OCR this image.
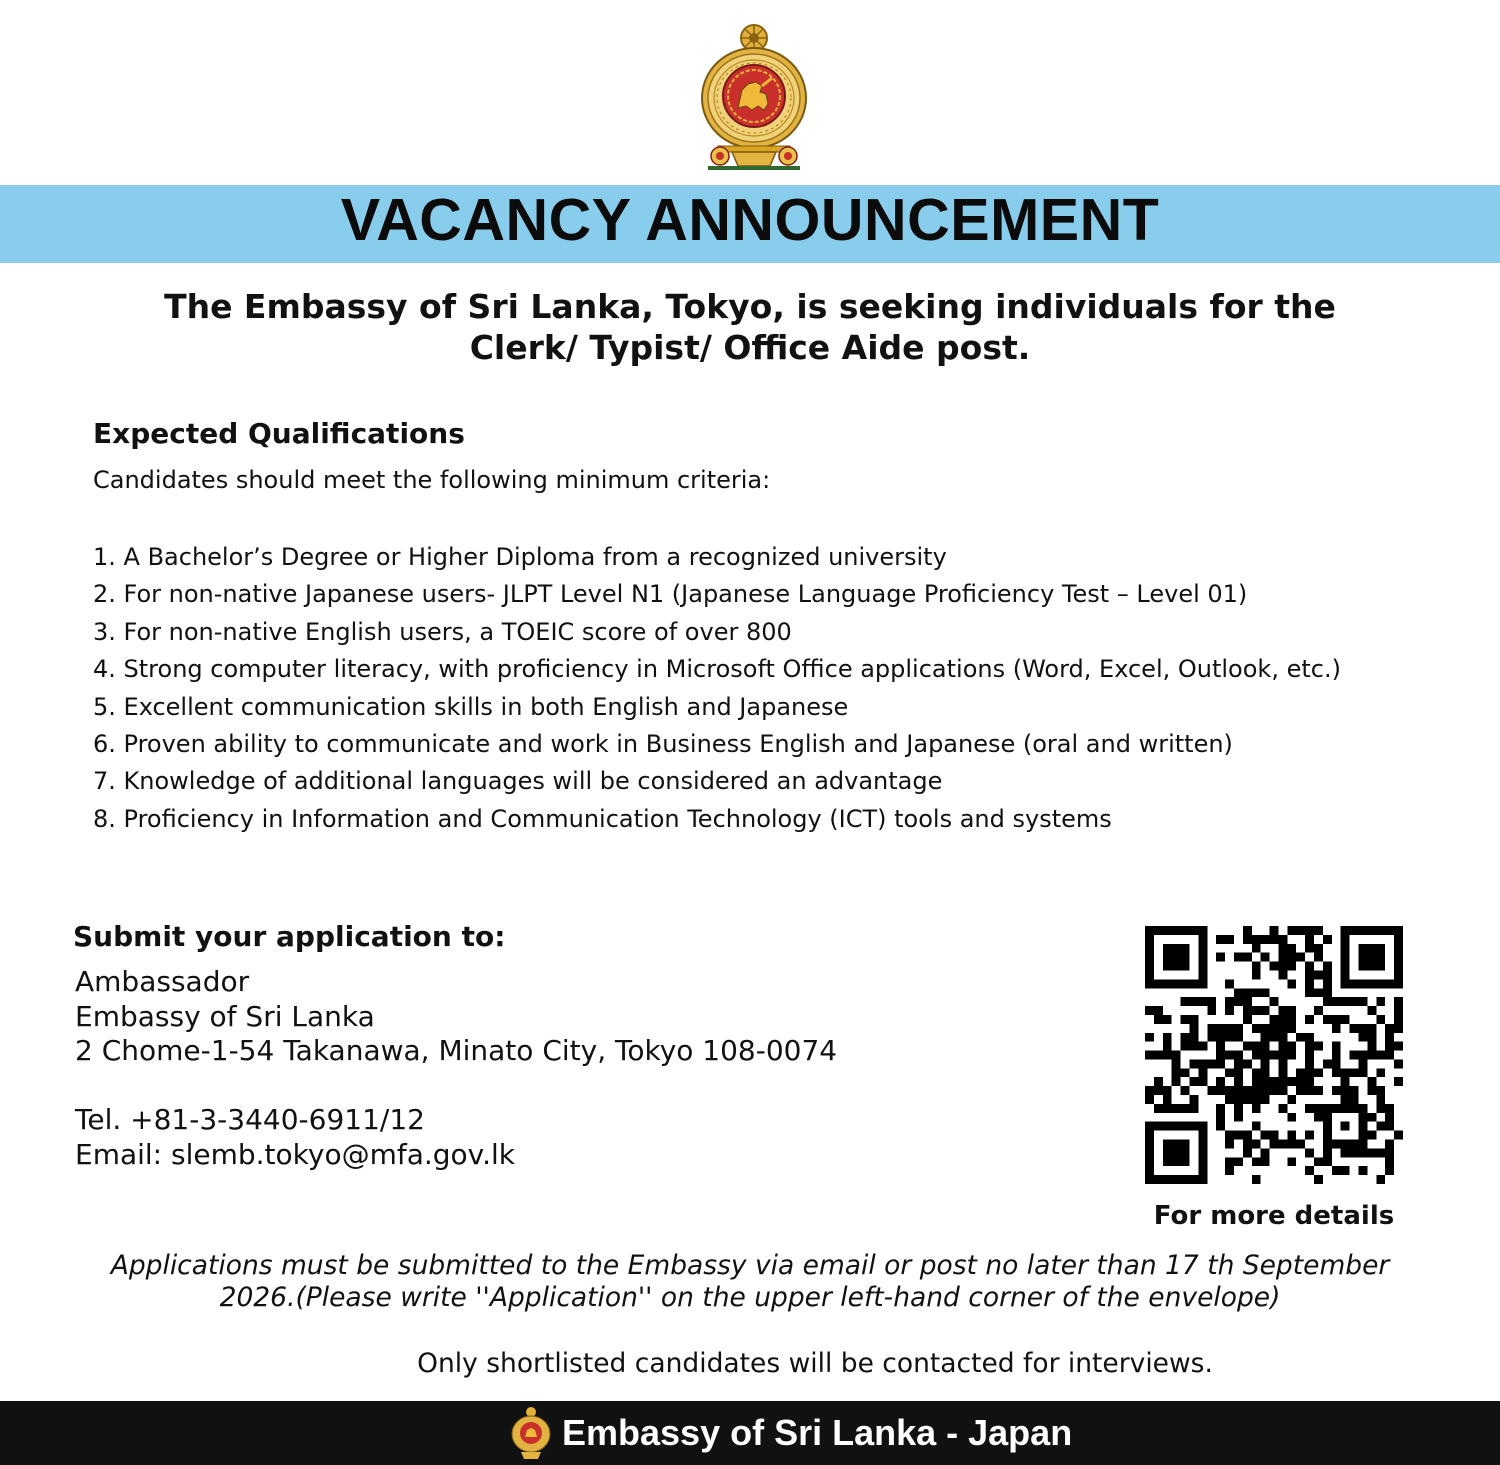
VACANCY ANNOUNCEMENT
The Embassy of Sri Lanka, Tokyo, is seeking individuals for the
Clerk/ Typist/ Office Aide post.
Expected Qualifications

Candidates should meet the following minimum criteria:

1. A Bachelor’s Degree or Higher Diploma from a recognized university
2. For non-native Japanese users- JLPT Level N1 (Japanese Language Proficiency Test – Level 01)
3. For non-native English users, a TOEIC score of over 800
4. Strong computer literacy, with proficiency in Microsoft Office applications (Word, Excel, Outlook, etc.)
5. Excellent communication skills in both English and Japanese
6. Proven ability to communicate and work in Business English and Japanese (oral and written)
7. Knowledge of additional languages will be considered an advantage
8. Proficiency in Information and Communication Technology (ICT) tools and systems
Submit your application to:
Ambassador
Embassy of Sri Lanka
2 Chome-1-54 Takanawa, Minato City, Tokyo 108-0074
Tel. +81-3-3440-6911/12
Email: slemb.tokyo@mfa.gov.lk
For more details

Applications must be submitted to the Embassy via email or post no later than 17 th September
2026.(Please write ''Application'' on the upper left-hand corner of the envelope)

Only shortlisted candidates will be contacted for interviews.

Embassy of Sri Lanka - Japan
